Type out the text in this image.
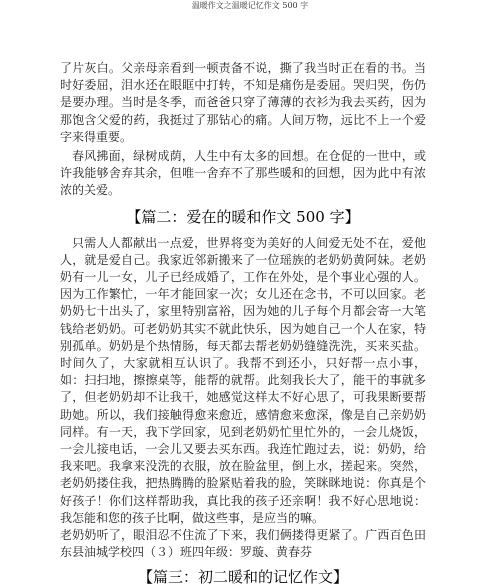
温暖作文之温暖记忆作文 500 字

了片灰白。父亲母亲看到一顿责备不说，撕了我当时正在看的书。当时好委屈，泪水还在眼眶中打转，不知是痛伤是委屈。哭归哭，伤仍是要办理。当时是冬季，而爸爸只穿了薄薄的衣衫为我去买药，因为那饱含父爱的药，我挺过了那钻心的痛。人间万物，远比不上一个爱字来得重要。

春风拂面，绿树成荫，人生中有太多的回想。在仓促的一世中，或许我能够舍弃其余，但唯一舍弃不了那些暖和的回想，因为此中有浓浓的关爱。

【篇二：爱在的暖和作文 500 字】

只需人人都献出一点爱，世界将变为美好的人间爱无处不在，爱他人，就是爱自己。我家近邻新搬来了一位瑶族的老奶奶黄阿妹。老奶奶有一儿一女，儿子已经成婚了，工作在外处，是个事业心强的人。因为工作繁忙，一年才能回家一次；女儿还在念书，不可以回家。老奶奶七十出头了，家里特别富裕，因为她的儿子每个月都会寄一大笔钱给老奶奶。可老奶奶其实不就此快乐，因为她自己一个人在家，特别孤单。奶奶是个热情肠，每天都去帮老奶奶缝缝洗洗，买来买盐。时间久了，大家就相互认识了。我帮不到还小，只好帮一点小事，如：扫扫地，擦擦桌等，能帮的就帮。此刻我长大了，能干的事就多了，但老奶奶却不让我干，她感觉这样太不好心思了，可我果断要帮助她。所以，我们接触得愈来愈近，感情愈来愈深，像是自己亲奶奶同样。有一天，我下学回家，见到老奶奶忙里忙外的，一会儿烧饭，一会儿接电话，一会儿又要去买东西。我连忙跑过去，说：奶奶，给我来吧。我拿来没洗的衣服，放在脸盆里，倒上水，搓起来。突然，老奶奶搂住我，把热腾腾的脸紧贴着我的脸，笑眯眯地说：你真是个好孩子！你们这样帮助我，真比我的孩子还亲啊！我不好心思地说：我怎能和您的孩子比啊，做这些事，是应当的嘛。

老奶奶听了，眼泪忍不住流了下来，我们俩搂得更紧了。广西百色田东县油城学校四（３）班四年级：罗璇、黄春芬

【篇三：初二暖和的记忆作文】
